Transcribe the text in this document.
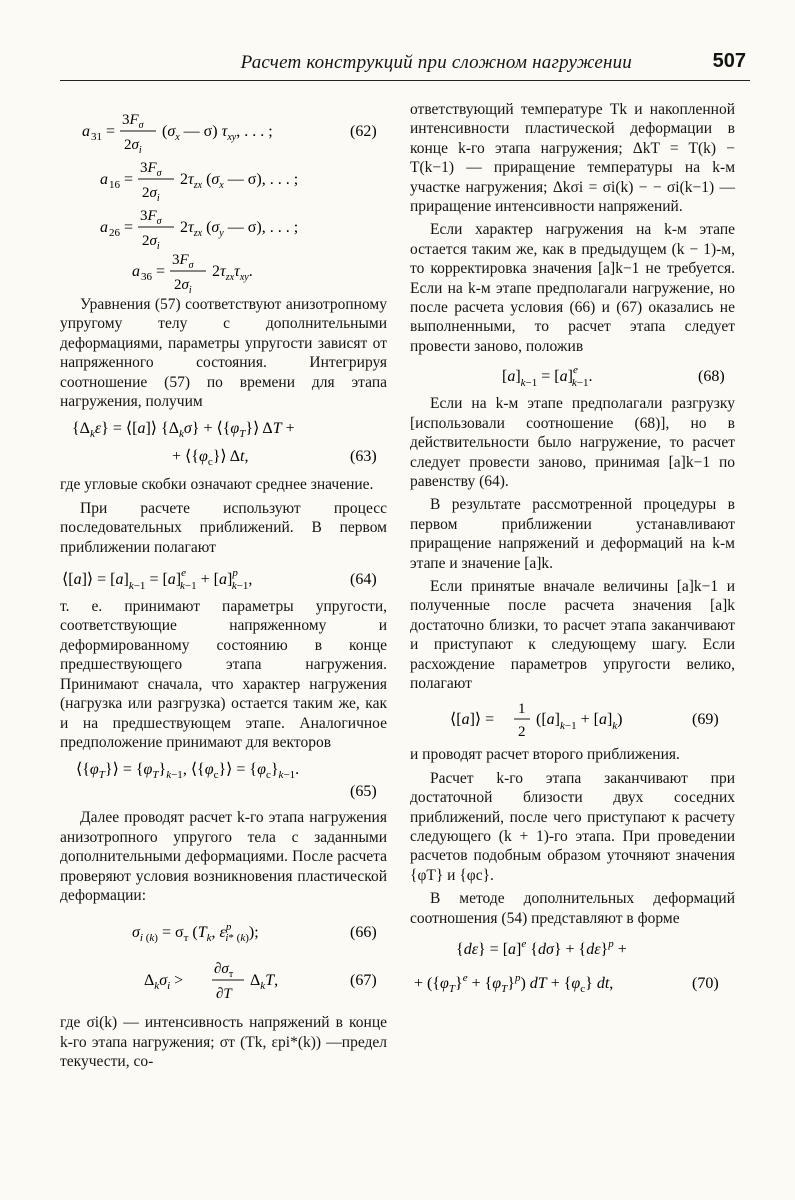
Расчет конструкций при сложном нагружении	507
a 31 =
$3F_\sigma$
$2\sigma_i$
($\sigma_x$ — σ) $\tau_{xy}$, . . . ;	(62)
a 16 =
$3F_\sigma$
$2\sigma_i$
$2\tau_{zx}$ ($\sigma_x$ — σ), . . . ;
a 26 =
$3F_\sigma$
$2\sigma_i$
$2\tau_{zx}$ ($\sigma_y$ — σ), . . . ;
a 36 =
$3F_\sigma$
$2\sigma_i$
$2\tau_{zx}\tau_{xy}$.

Уравнения (57) соответствуют анизотропному упругому телу с дополнительными деформациями, параметры упругости зависят от напряженного состояния. Интегрируя соотношение (57) по времени для этапа нагружения, получим

$\{\Delta_k\varepsilon\}$ = ⟨[a]⟩ $\{\Delta_k\sigma\}$ + $⟨\{\varphi_T\}⟩$ ΔT +
+ $⟨\{\varphi_c\}⟩$ Δt,	(63)

где угловые скобки означают среднее значение.

При расчете используют процесс последовательных приближений. В первом приближении полагают

⟨[a]⟩ = $[a]_k-1 = [a]^e$ $k-1 + [a]^p$ k−1,	(64)

т. е. принимают параметры упругости, соответствующие напряженному и деформированному состоянию в конце предшествующего этапа нагружения. Принимают сначала, что характер нагружения (нагрузка или разгрузка) остается таким же, как и на предшествующем этапе. Аналогичное предположение принимают для векторов

$⟨\{\varphi_T\}⟩ = \{\varphi_T\}_k-1$, $⟨\{\varphi_c\}⟩ = \{\varphi_c\}_k-1$.
(65)

Далее проводят расчет k-го этапа нагружения анизотропного упругого тела с заданными дополнительными деформациями. После расчета проверяют условия возникновения пластической деформации:

$\sigma_i$ $(k) = \sigma_т$ ($T_k$, $\varepsilon^p$ i* (k));	(66)
$\Delta_k\sigma_i$ >
$\partial\sigma_т$
∂T
$\Delta_kT$,	(67)

где σi(k) — интенсивность напряжений в конце k-го этапа нагружения; σт (Tk, εpi*(k)) —предел текучести, со-

ответствующий температуре Tk и накопленной интенсивности пластической деформации в конце k-го этапа нагружения; ΔkT = T(k) − T(k−1) — приращение температуры на k-м участке нагружения; Δkσi = σi(k) − − σi(k−1) — приращение интенсивности напряжений.

Если характер нагружения на k-м этапе остается таким же, как в предыдущем (k − 1)-м, то корректировка значения [a]k−1 не требуется. Если на k-м этапе предполагали нагружение, но после расчета условия (66) и (67) оказались не выполненными, то расчет этапа следует провести заново, положив

$[a]_k-1 = [a]^e$ k−1.	(68)

Если на k-м этапе предполагали разгрузку [использовали соотношение (68)], но в действительности было нагружение, то расчет следует провести заново, принимая [a]k−1 по равенству (64).

В результате рассмотренной процедуры в первом приближении устанавливают приращение напряжений и деформаций на k-м этапе и значение [a]k.

Если принятые вначале величины [a]k−1 и полученные после расчета значения [a]k достаточно близки, то расчет этапа заканчивают и приступают к следующему шагу. Если расхождение параметров упругости велико, полагают

⟨[a]⟩ =
1
2
$([a]_k-1 + [a]_k)$	(69)

и проводят расчет второго приближения.

Расчет k-го этапа заканчивают при достаточной близости двух соседних приближений, после чего приступают к расчету следующего (k + 1)-го этапа. При проведении расчетов подобным образом уточняют значения {φT} и {φc}.

В методе дополнительных деформаций соотношения (54) представляют в форме

$\{d\varepsilon\} = [a]^e$ $\{d\sigma\} + \{d\varepsilon\}^p$ +
+ $(\{\varphi_T\}^e + \{\varphi_T\}^p)$ dT + $\{\varphi_c\}$ dt,	(70)
